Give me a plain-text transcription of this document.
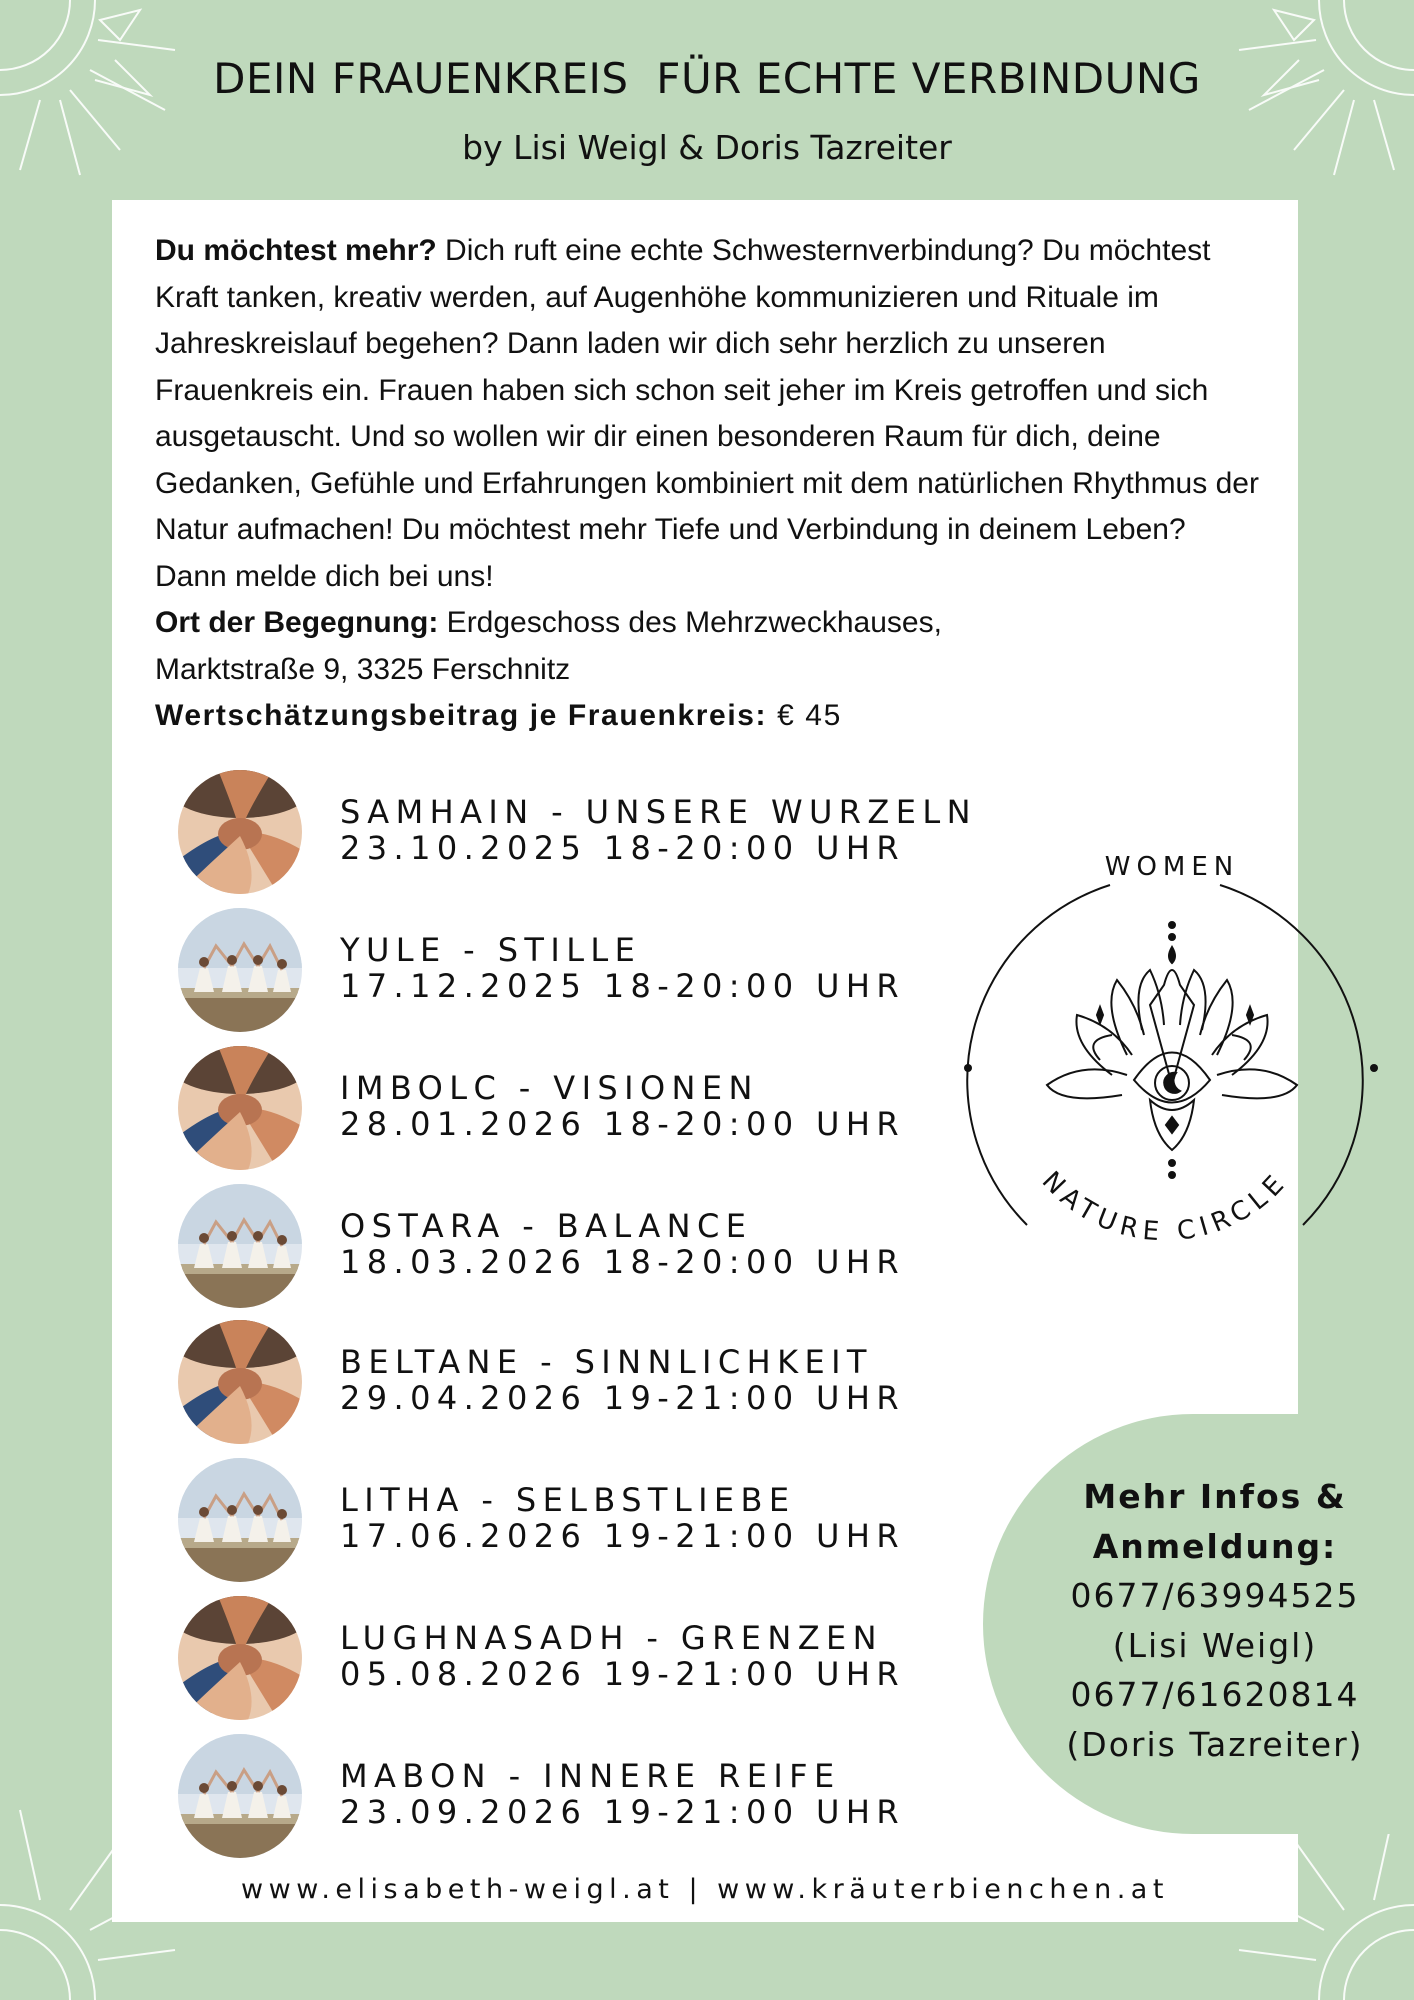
DEIN FRAUENKREIS  FÜR ECHTE VERBINDUNG
by Lisi Weigl & Doris Tazreiter

Du möchtest mehr? Dich ruft eine echte Schwesternverbindung? Du möchtest Kraft tanken, kreativ werden, auf Augenhöhe kommunizieren und Rituale im Jahreskreislauf begehen? Dann laden wir dich sehr herzlich zu unseren Frauenkreis ein. Frauen haben sich schon seit jeher im Kreis getroffen und sich ausgetauscht. Und so wollen wir dir einen besonderen Raum für dich, deine Gedanken, Gefühle und Erfahrungen kombiniert mit dem natürlichen Rhythmus der Natur aufmachen! Du möchtest mehr Tiefe und Verbindung in deinem Leben? Dann melde dich bei uns!

Ort der Begegnung: Erdgeschoss des Mehrzweckhauses,
Marktstraße 9, 3325 Ferschnitz

Wertschätzungsbeitrag je Frauenkreis: € 45

SAMHAIN - UNSERE WURZELN
23.10.2025 18-20:00 UHR
YULE - STILLE
17.12.2025 18-20:00 UHR
IMBOLC - VISIONEN
28.01.2026 18-20:00 UHR
OSTARA - BALANCE
18.03.2026 18-20:00 UHR
BELTANE - SINNLICHKEIT
29.04.2026 19-21:00 UHR
LITHA - SELBSTLIEBE
17.06.2026 19-21:00 UHR
LUGHNASADH - GRENZEN
05.08.2026 19-21:00 UHR
MABON - INNERE REIFE
23.09.2026 19-21:00 UHR
WOMEN
NATURE CIRCLE
Mehr Infos &
Anmeldung:
0677/63994525
(Lisi Weigl)
0677/61620814
(Doris Tazreiter)
www.elisabeth-weigl.at | www.kräuterbienchen.at
